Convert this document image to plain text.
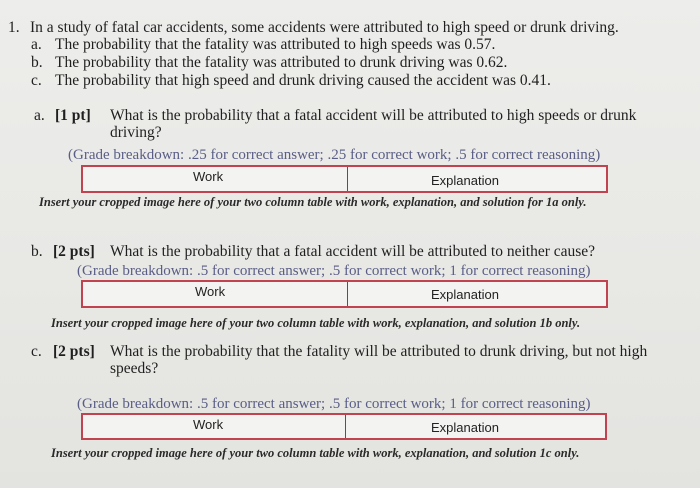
1. In a study of fatal car accidents, some accidents were attributed to high speed or drunk driving.
a. The probability that the fatality was attributed to high speeds was 0.57.
b. The probability that the fatality was attributed to drunk driving was 0.62.
c. The probability that high speed and drunk driving caused the accident was 0.41.
a. [1 pt] What is the probability that a fatal accident will be attributed to high speeds or drunk
driving?
(Grade breakdown: .25 for correct answer; .25 for correct work; .5 for correct reasoning)
Work	Explanation
Insert your cropped image here of your two column table with work, explanation, and solution for 1a only.
b. [2 pts] What is the probability that a fatal accident will be attributed to neither cause?
(Grade breakdown: .5 for correct answer; .5 for correct work; 1 for correct reasoning)
Work	Explanation
Insert your cropped image here of your two column table with work, explanation, and solution 1b only.
c. [2 pts] What is the probability that the fatality will be attributed to drunk driving, but not high
speeds?
(Grade breakdown: .5 for correct answer; .5 for correct work; 1 for correct reasoning)
Work	Explanation
Insert your cropped image here of your two column table with work, explanation, and solution 1c only.
